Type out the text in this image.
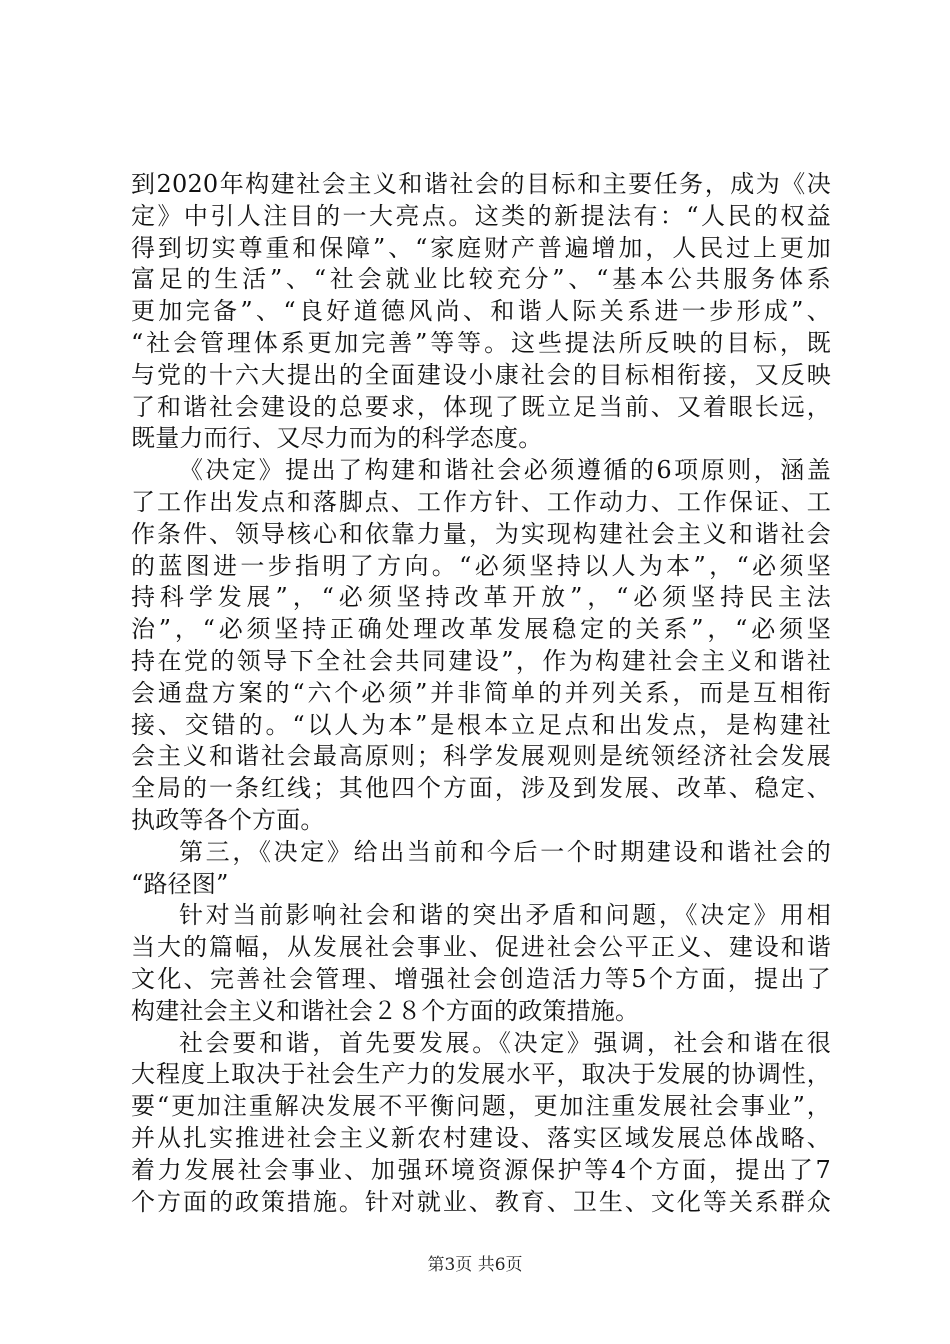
到2020年构建社会主义和谐社会的目标和主要任务，成为《决
定》中引人注目的一大亮点。这类的新提法有：“人民的权益
得到切实尊重和保障”、“家庭财产普遍增加，人民过上更加
富足的生活”、“社会就业比较充分”、“基本公共服务体系
更加完备”、“良好道德风尚、和谐人际关系进一步形成”、
“社会管理体系更加完善”等等。这些提法所反映的目标，既
与党的十六大提出的全面建设小康社会的目标相衔接，又反映
了和谐社会建设的总要求，体现了既立足当前、又着眼长远，
既量力而行、又尽力而为的科学态度。
《决定》提出了构建和谐社会必须遵循的6项原则，涵盖
了工作出发点和落脚点、工作方针、工作动力、工作保证、工
作条件、领导核心和依靠力量，为实现构建社会主义和谐社会
的蓝图进一步指明了方向。“必须坚持以人为本”，“必须坚
持科学发展”，“必须坚持改革开放”，“必须坚持民主法
治”，“必须坚持正确处理改革发展稳定的关系”，“必须坚
持在党的领导下全社会共同建设”，作为构建社会主义和谐社
会通盘方案的“六个必须”并非简单的并列关系，而是互相衔
接、交错的。“以人为本”是根本立足点和出发点，是构建社
会主义和谐社会最高原则；科学发展观则是统领经济社会发展
全局的一条红线；其他四个方面，涉及到发展、改革、稳定、
执政等各个方面。
第三，《决定》给出当前和今后一个时期建设和谐社会的
“路径图”
针对当前影响社会和谐的突出矛盾和问题，《决定》用相
当大的篇幅，从发展社会事业、促进社会公平正义、建设和谐
文化、完善社会管理、增强社会创造活力等5个方面，提出了
构建社会主义和谐社会２８个方面的政策措施。
社会要和谐，首先要发展。《决定》强调，社会和谐在很
大程度上取决于社会生产力的发展水平，取决于发展的协调性，
要“更加注重解决发展不平衡问题，更加注重发展社会事业”，
并从扎实推进社会主义新农村建设、落实区域发展总体战略、
着力发展社会事业、加强环境资源保护等4个方面，提出了7
个方面的政策措施。针对就业、教育、卫生、文化等关系群众
第3页 共6页
